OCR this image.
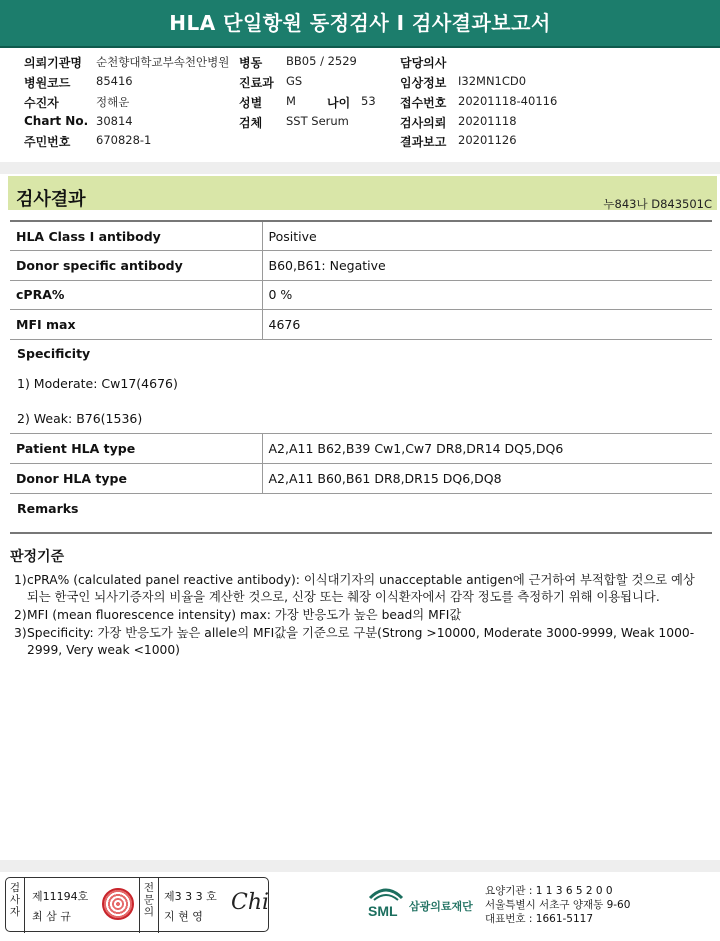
HLA 단일항원 동정검사 I 검사결과보고서
의뢰기관명 순천향대학교부속천안병원 병동 BB05 / 2529	담당의사
병원코드 85416	진료과 GS	임상정보 I32MN1CD0
수진자	정해운	성별 M	나이 53 접수번호 20201118-40116
Chart No. 30814	검체 SST Serum	검사의뢰 20201118
주민번호 670828-1	결과보고 20201126
검사결과	누843나 D843501C
HLA Class I antibody	Positive
Donor specific antibody	B60,B61: Negative
cPRA%	0 %
MFI max	4676
Specificity
1) Moderate: Cw17(4676)
2) Weak: B76(1536)
Patient HLA type	A2,A11 B62,B39 Cw1,Cw7 DR8,DR14 DQ5,DQ6
Donor HLA type	A2,A11 B60,B61 DR8,DR15 DQ6,DQ8
Remarks
판정기준
1) cPRA% (calculated panel reactive antibody): 이식대기자의 unacceptable antigen에 근거하여 부적합할 것으로 예상되는 한국인 뇌사기증자의 비율을 계산한 것으로, 신장 또는 췌장 이식환자에서 감작 정도를 측정하기 위해 이용됩니다.
2) MFI (mean fluorescence intensity) max: 가장 반응도가 높은 bead의 MFI값
3) Specificity: 가장 반응도가 높은 allele의 MFI값을 기준으로 구분(Strong >10000, Moderate 3000-9999, Weak 1000-2999, Very weak <1000)
검사자
제11194호
최 삼 규
전문의
제3 3 3 호
지 현 영
Chi	SML 삼광의료재단
요양기관 : 1 1 3 6 5 2 0 0
서울특별시 서초구 양재동 9-60
대표번호 : 1661-5117
